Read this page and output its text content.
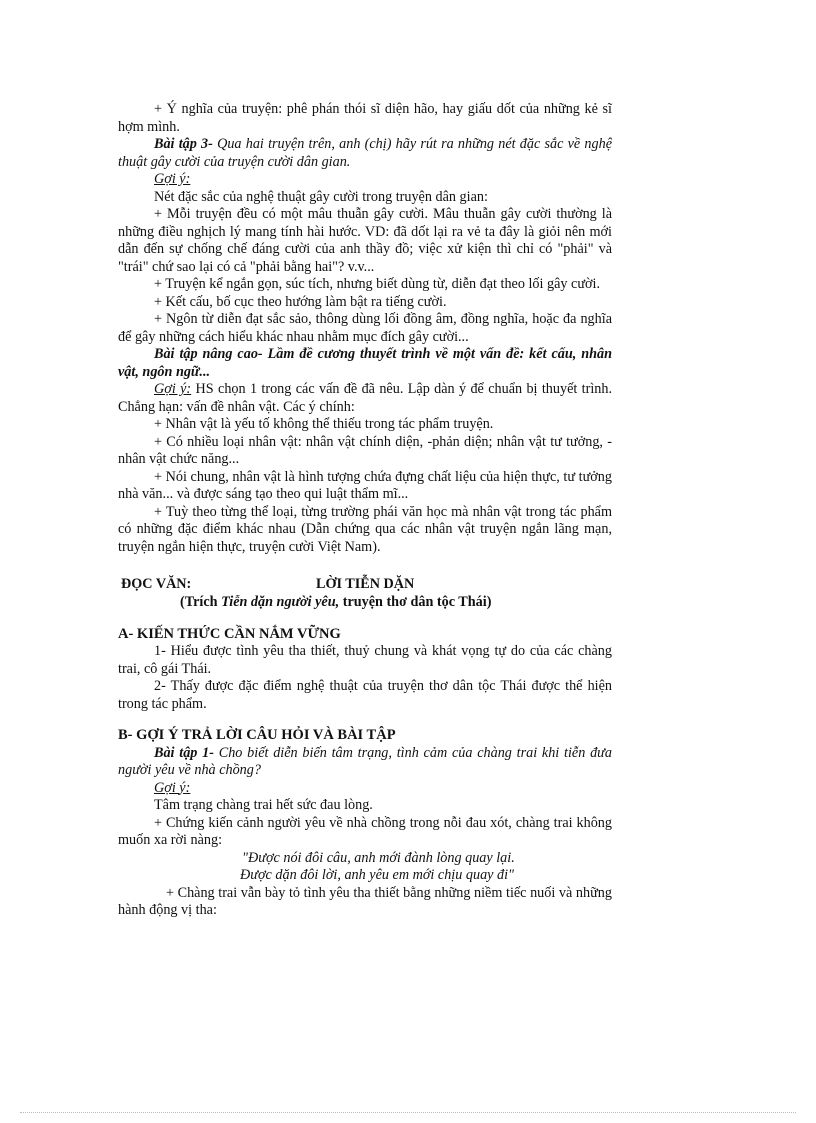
+ Ý nghĩa của truyện: phê phán thói sĩ diện hão, hay giấu dốt của những kẻ sĩ hợm mình.

Bài tập 3- Qua hai truyện trên, anh (chị) hãy rút ra những nét đặc sắc về nghệ thuật gây cười của truyện cười dân gian.

Gợi ý:

Nét đặc sắc của nghệ thuật gây cười trong truyện dân gian:

+ Mỗi truyện đều có một mâu thuẫn gây cười. Mâu thuẫn gây cười thường là những điều nghịch lý mang tính hài hước. VD: đã dốt lại ra vẻ ta đây là giỏi nên mới dẫn đến sự chống chế đáng cười của anh thầy đồ; việc xử kiện thì chỉ có "phải" và "trái" chứ sao lại có cả "phải bằng hai"? v.v...

+ Truyện kể ngắn gọn, súc tích, nhưng biết dùng từ, diễn đạt theo lối gây cười.

+ Kết cấu, bố cục theo hướng làm bật ra tiếng cười.

+ Ngôn từ diễn đạt sắc sảo, thông dùng lối đồng âm, đồng nghĩa, hoặc đa nghĩa để gây những cách hiểu khác nhau nhằm mục đích gây cười...

Bài tập nâng cao- Lầm đề cương thuyết trình về một vấn đề: kết cấu, nhân vật, ngôn ngữ...

Gợi ý: HS chọn 1 trong các vấn đề đã nêu. Lập dàn ý để chuẩn bị thuyết trình. Chẳng hạn: vấn đề nhân vật. Các ý chính:

+ Nhân vật là yếu tố không thể thiếu trong tác phẩm truyện.

+ Có nhiều loại nhân vật: nhân vật chính diện, -phản diện; nhân vật tư tưởng, - nhân vật chức năng...

+ Nói chung, nhân vật là hình tượng chứa đựng chất liệu của hiện thực, tư tưởng nhà văn... và được sáng tạo theo qui luật thẩm mĩ...

+ Tuỳ theo từng thể loại, từng trường phái văn học mà nhân vật trong tác phẩm có những đặc điểm khác nhau (Dẫn chứng qua các nhân vật truyện ngắn lãng mạn, truyện ngắn hiện thực, truyện cười Việt Nam).

ĐỌC VĂN:	LỜI TIỄN DẶN

(Trích Tiễn dặn người yêu, truyện thơ dân tộc Thái)

A- KIẾN THỨC CẦN NẮM VỮNG

1- Hiểu được tình yêu tha thiết, thuỷ chung và khát vọng tự do của các chàng trai, cô gái Thái.

2- Thấy được đặc điểm nghệ thuật của truyện thơ dân tộc Thái được thể hiện trong tác phẩm.

B- GỢI Ý TRẢ LỜI CÂU HỎI VÀ BÀI TẬP

Bài tập 1- Cho biết diễn biến tâm trạng, tình cảm của chàng trai khi tiễn đưa người yêu về nhà chồng?

Gợi ý:

Tâm trạng chàng trai hết sức đau lòng.

+ Chứng kiến cảnh người yêu về nhà chồng trong nỗi đau xót, chàng trai không muốn xa rời nàng:

"Được nói đôi câu, anh mới đành lòng quay lại.

Được dặn đôi lời, anh yêu em mới chịu quay đi"

+ Chàng trai vẫn bày tỏ tình yêu tha thiết bằng những niềm tiếc nuối và những hành động vị tha:
